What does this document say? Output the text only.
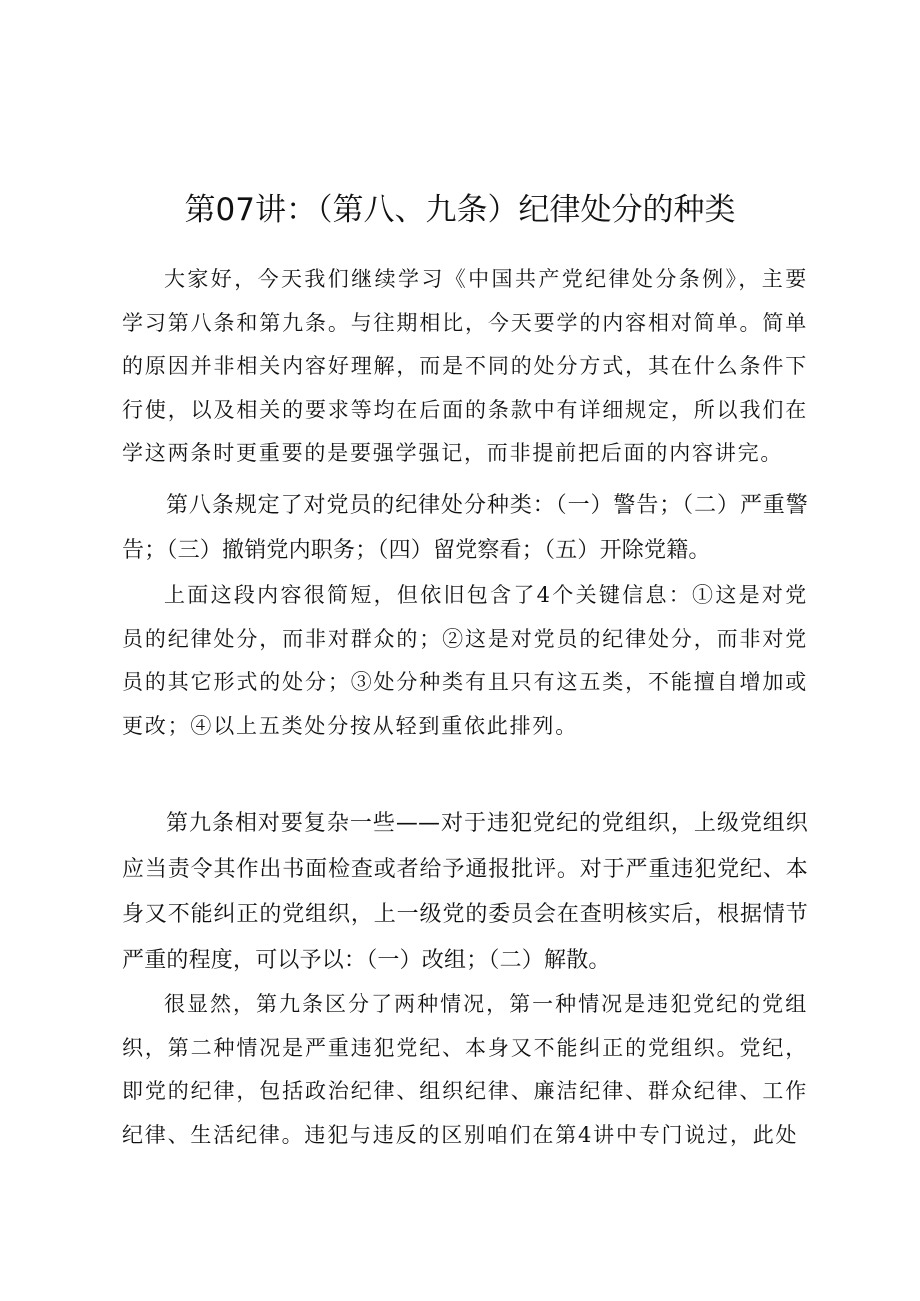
第07讲：（第八、九条）纪律处分的种类

大家好，今天我们继续学习《中国共产党纪律处分条例》，主要学习第八条和第九条。与往期相比，今天要学的内容相对简单。简单的原因并非相关内容好理解，而是不同的处分方式，其在什么条件下行使，以及相关的要求等均在后面的条款中有详细规定，所以我们在学这两条时更重要的是要强学强记，而非提前把后面的内容讲完。

第八条规定了对党员的纪律处分种类：（一）警告；（二）严重警告；（三）撤销党内职务；（四）留党察看；（五）开除党籍。

上面这段内容很简短，但依旧包含了4个关键信息：①这是对党员的纪律处分，而非对群众的；②这是对党员的纪律处分，而非对党员的其它形式的处分；③处分种类有且只有这五类，不能擅自增加或更改；④以上五类处分按从轻到重依此排列。

第九条相对要复杂一些——对于违犯党纪的党组织，上级党组织应当责令其作出书面检查或者给予通报批评。对于严重违犯党纪、本身又不能纠正的党组织，上一级党的委员会在查明核实后，根据情节严重的程度，可以予以：（一）改组；（二）解散。

很显然，第九条区分了两种情况，第一种情况是违犯党纪的党组织，第二种情况是严重违犯党纪、本身又不能纠正的党组织。党纪，即党的纪律，包括政治纪律、组织纪律、廉洁纪律、群众纪律、工作纪律、生活纪律。违犯与违反的区别咱们在第4讲中专门说过，此处
